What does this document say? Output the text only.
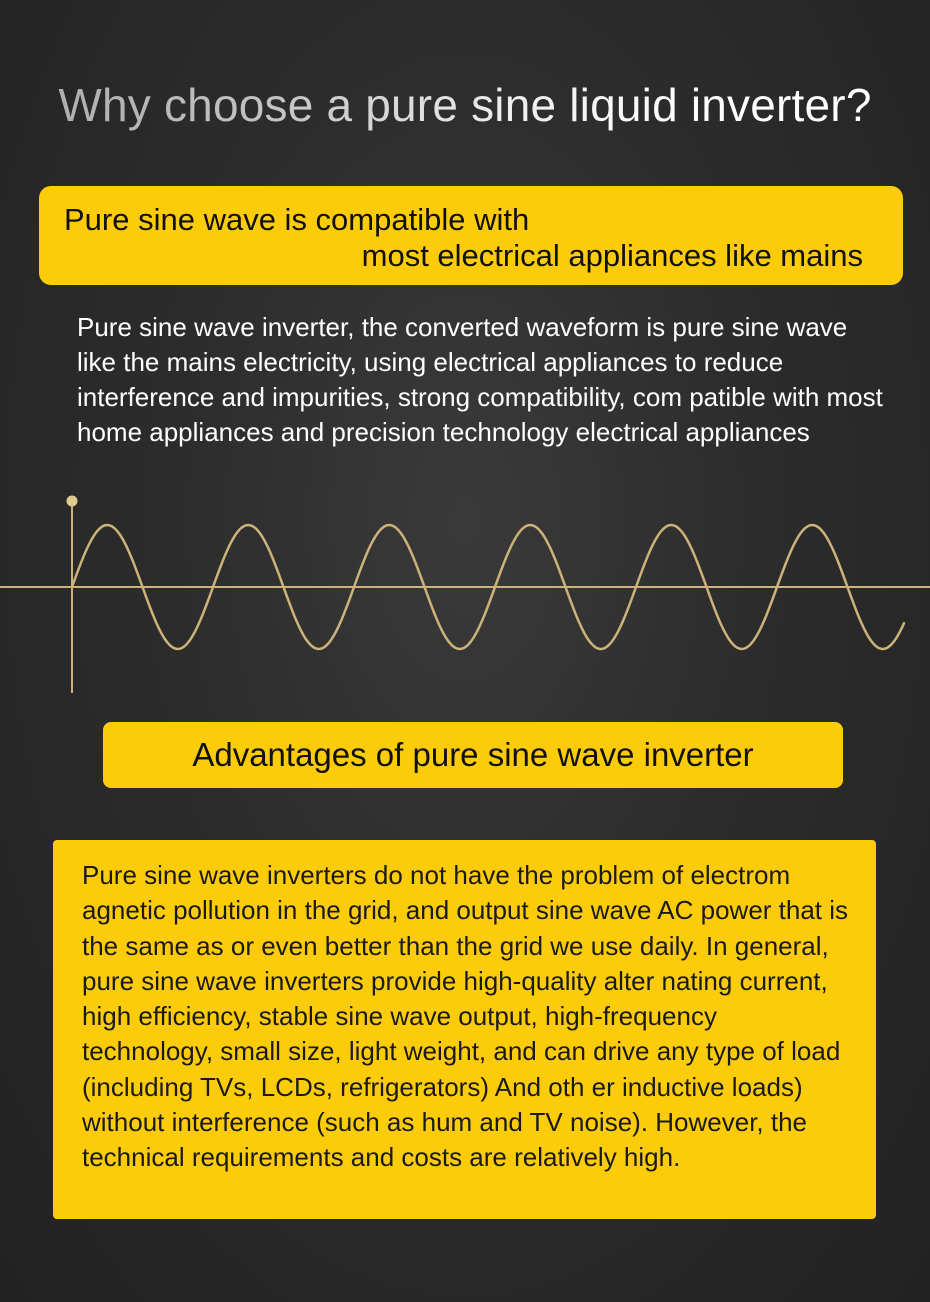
Why choose a pure sine liquid inverter?
Pure sine wave is compatible with
most electrical appliances like mains

Pure sine wave inverter, the converted waveform is pure sine wave like the mains electricity, using electrical appliances to reduce interference and impurities, strong compatibility, com patible with most home appliances and precision technology electrical appliances

Advantages of pure sine wave inverter

Pure sine wave inverters do not have the problem of electrom agnetic pollution in the grid, and output sine wave AC power that is the same as or even better than the grid we use daily. In general, pure sine wave inverters provide high-quality alter nating current, high efficiency, stable sine wave output, high-frequency technology, small size, light weight, and can drive any type of load (including TVs, LCDs, refrigerators) And oth er inductive loads) without interference (such as hum and TV noise). However, the technical requirements and costs are relatively high.
